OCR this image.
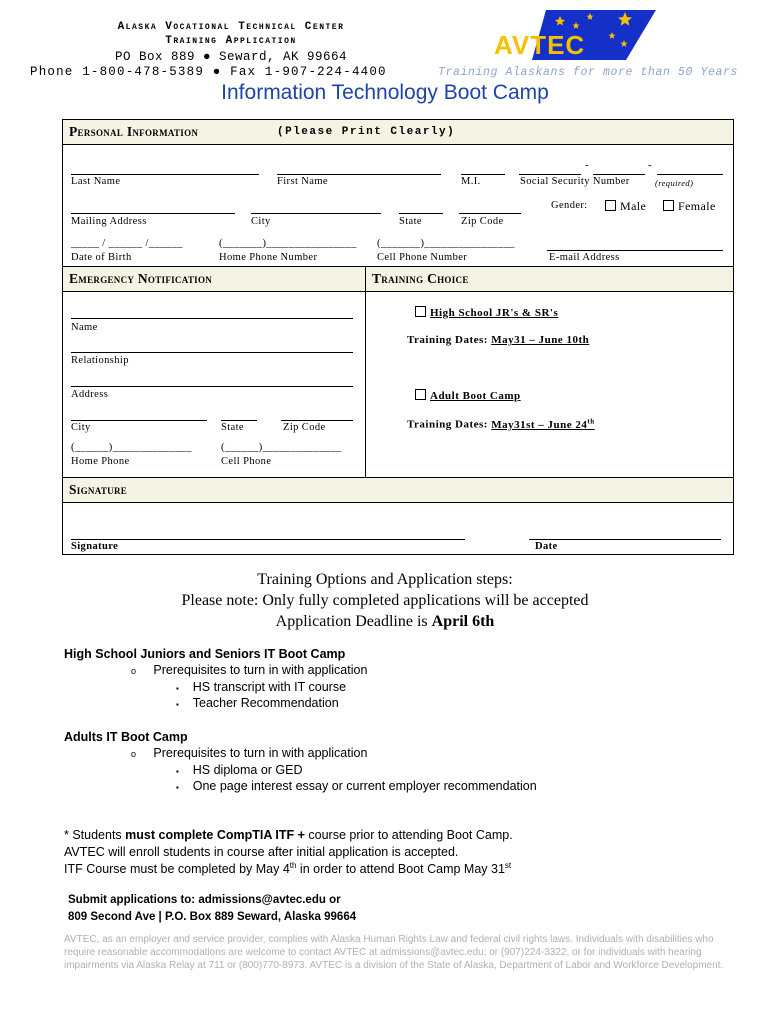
Alaska Vocational Technical Center
Training Application
PO Box 889 ● Seward, AK 99664
Phone 1-800-478-5389 ● Fax 1-907-224-4400	Training Alaskans for more than 50 Years
AVTEC
Information Technology Boot Camp
Personal Information	(Please Print Clearly)
-	-
Last Name	First Name	M.I.	Social Security Number	(required)
Gender:	Male	Female
Mailing Address	City	State	Zip Code
_____ / ______ /______	(_______)________________ (_______)________________
Date of Birth	Home Phone Number	Cell Phone Number	E-mail Address
Emergency Notification	Training Choice
Name
Relationship
Address
City	State	Zip Code
(______)______________	(______)______________
Home Phone	Cell Phone
High School JR's & SR's
Training Dates: May31 – June 10th
Adult Boot Camp
Training Dates: May31st – June 24th
Signature
Signature	Date
Training Options and Application steps:
Please note: Only fully completed applications will be accepted
Application Deadline is April 6th
High School Juniors and Seniors IT Boot Camp
o Prerequisites to turn in with application
▪ HS transcript with IT course
▪ Teacher Recommendation
Adults IT Boot Camp
o Prerequisites to turn in with application
▪ HS diploma or GED
▪ One page interest essay or current employer recommendation
* Students must complete CompTIA ITF + course prior to attending Boot Camp.
AVTEC will enroll students in course after initial application is accepted.
ITF Course must be completed by May 4th in order to attend Boot Camp May 31st
Submit applications to: admissions@avtec.edu or
809 Second Ave | P.O. Box 889 Seward, Alaska 99664
AVTEC, as an employer and service provider, complies with Alaska Human Rights Law and federal civil rights laws. Individuals with disabilities who require reasonable accommodations are welcome to contact AVTEC at admissions@avtec.edu; or (907)224-3322, or for individuals with hearing impairments via Alaska Relay at 711 or (800)770-8973. AVTEC is a division of the State of Alaska, Department of Labor and Workforce Development.
